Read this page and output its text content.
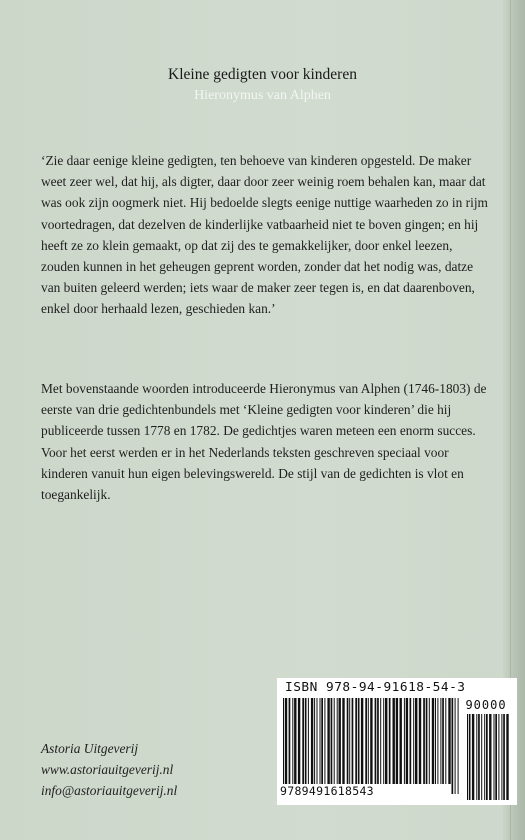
Kleine gedigten voor kinderen
Hieronymus van Alphen

‘Zie daar eenige kleine gedigten, ten behoeve van kinderen opgesteld. De maker weet zeer wel, dat hij, als digter, daar door zeer weinig roem behalen kan, maar dat was ook zijn oogmerk niet. Hij bedoelde slegts eenige nuttige waarheden zo in rijm voortedragen, dat dezelven de kinderlijke vatbaarheid niet te boven gingen; en hij heeft ze zo klein gemaakt, op dat zij des te gemakkelijker, door enkel leezen, zouden kunnen in het geheugen geprent worden, zonder dat het nodig was, datze van buiten geleerd werden; iets waar de maker zeer tegen is, en dat daarenboven, enkel door herhaald lezen, geschieden kan.’

Met bovenstaande woorden introduceerde Hieronymus van Alphen (1746-1803) de eerste van drie gedichtenbundels met ‘Kleine gedigten voor kinderen’ die hij publiceerde tussen 1778 en 1782. De gedichtjes waren meteen een enorm succes. Voor het eerst werden er in het Nederlands teksten geschreven speciaal voor kinderen vanuit hun eigen belevingswereld. De stijl van de gedichten is vlot en toegankelijk.

Astoria Uitgeverij
www.astoriauitgeverij.nl
info@astoriauitgeverij.nl
ISBN 978-94-91618-54-3
90000
9789491618543
